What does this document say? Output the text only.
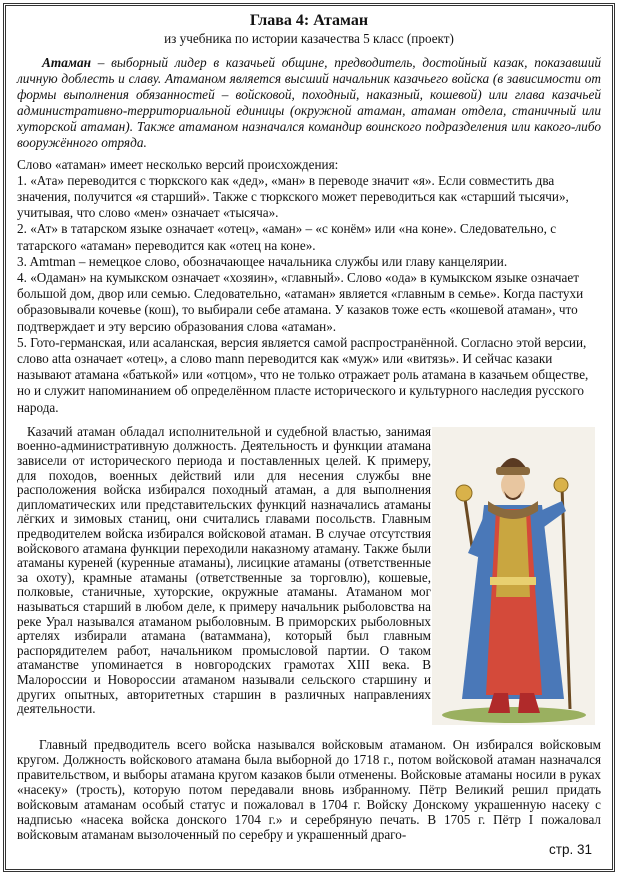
Глава 4: Атаман
из учебника по истории казачества 5 класс (проект)

Атаман – выборный лидер в казачьей общине, предводитель, достойный казак, показавший личную доблесть и славу. Атаманом является высший начальник казачьего войска (в зависимости от формы выполнения обязанностей – войсковой, походный, наказный, кошевой) или глава казачьей административно-территориальной единицы (окружной атаман, атаман отдела, станичный или хуторской атаман). Также атаманом назначался командир воинского подразделения или какого-либо вооружённого отряда.

Слово «атаман» имеет несколько версий происхождения:

1. «Ата» переводится с тюркского как «дед», «ман» в переводе значит «я». Если совместить два значения, получится «я старший». Также с тюркского может переводиться как «старший тысячи», учитывая, что слово «мен» означает «тысяча».

2. «Ат» в татарском языке означает «отец», «аман» – «с конём» или «на коне». Следовательно, с татарского «атаман» переводится как «отец на коне».

3. Amtman – немецкое слово, обозначающее начальника службы или главу канцелярии.

4. «Одаман» на кумыкском означает «хозяин», «главный». Слово «ода» в кумыкском языке означает большой дом, двор или семью. Следовательно, «атаман» является «главным в семье». Когда пастухи образовывали кочевье (кош), то выбирали себе атамана. У казаков тоже есть «кошевой атаман», что подтверждает и эту версию образования слова «атаман».

5. Гото-германская, или асаланская, версия является самой распространённой. Согласно этой версии, слово atta означает «отец», а слово mann переводится как «муж» или «витязь». И сейчас казаки называют атамана «батькой» или «отцом», что не только отражает роль атамана в казачьем обществе, но и служит напоминанием об определённом пласте исторического и культурного наследия русского народа.

Казачий атаман обладал исполнительной и судебной властью, занимая военно-административную должность. Деятельность и функции атамана зависели от исторического периода и поставленных целей. К примеру, для походов, военных действий или для несения службы вне расположения войска избирался походный атаман, а для выполнения дипломатических или представительских функций назначались атаманы лёгких и зимовых станиц, они считались главами посольств. Главным предводителем войска избирался войсковой атаман. В случае отсутствия войскового атамана функции переходили наказному атаману. Также были атаманы куреней (куренные атаманы), лисицкие атаманы (ответственные за охоту), крамные атаманы (ответственные за торговлю), кошевые, полковые, станичные, хуторские, окружные атаманы. Атаманом мог называться старший в любом деле, к примеру начальник рыболовства на реке Урал назывался атаманом рыболовным. В приморских рыболовных артелях избирали атамана (ватаммана), который был главным распорядителем работ, начальником промысловой партии. О таком атаманстве упоминается в новгородских грамотах XIII века. В Малороссии и Новороссии атаманом называли сельского старшину и других опытных, авторитетных старшин в различных направлениях деятельности.

Главный предводитель всего войска назывался войсковым атаманом. Он избирался войсковым кругом. Должность войскового атамана была выборной до 1718 г., потом войсковой атаман назначался правительством, и выборы атамана кругом казаков были отменены. Войсковые атаманы носили в руках «насеку» (трость), которую потом передавали вновь избранному. Пётр Великий решил придать войсковым атаманам особый статус и пожаловал в 1704 г. Войску Донскому украшенную насеку с надписью «насека войска донского 1704 г.» и серебряную печать. В 1705 г. Пётр I пожаловал войсковым атаманам вызолоченный по серебру и украшенный драго-

стр. 31
